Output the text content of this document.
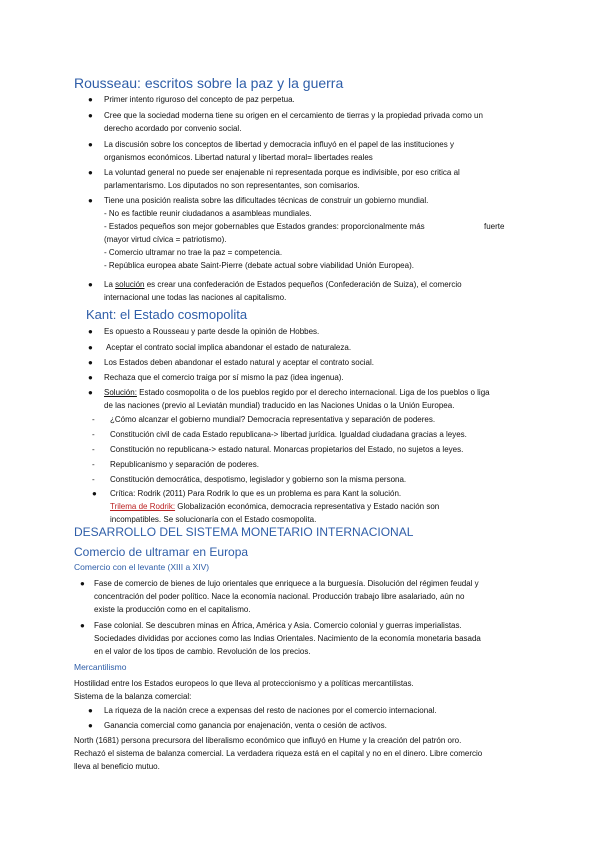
Rousseau: escritos sobre la paz y la guerra
● Primer intento riguroso del concepto de paz perpetua.
● Cree que la sociedad moderna tiene su origen en el cercamiento de tierras y la propiedad privada como un
derecho acordado por convenio social.
● La discusión sobre los conceptos de libertad y democracia influyó en el papel de las instituciones y
organismos económicos. Libertad natural y libertad moral= libertades reales
● La voluntad general no puede ser enajenable ni representada porque es indivisible, por eso critica al
parlamentarismo. Los diputados no son representantes, son comisarios.
● Tiene una posición realista sobre las dificultades técnicas de construir un gobierno mundial.
- No es factible reunir ciudadanos a asambleas mundiales.
- Estados pequeños son mejor gobernables que Estados grandes: proporcionalmente más	fuerte
(mayor virtud cívica = patriotismo).
- Comercio ultramar no trae la paz = competencia.
- República europea abate Saint-Pierre (debate actual sobre viabilidad Unión Europea).
● La solución es crear una confederación de Estados pequeños (Confederación de Suiza), el comercio
internacional une todas las naciones al capitalismo.
Kant: el Estado cosmopolita
● Es opuesto a Rousseau y parte desde la opinión de Hobbes.
● Aceptar el contrato social implica abandonar el estado de naturaleza.
● Los Estados deben abandonar el estado natural y aceptar el contrato social.
● Rechaza que el comercio traiga por sí mismo la paz (idea ingenua).
● Solución: Estado cosmopolita o de los pueblos regido por el derecho internacional. Liga de los pueblos o liga
de las naciones (previo al Leviatán mundial) traducido en las Naciones Unidas o la Unión Europea.
- ¿Cómo alcanzar el gobierno mundial? Democracia representativa y separación de poderes.
- Constitución civil de cada Estado republicana-> libertad jurídica. Igualdad ciudadana gracias a leyes.
- Constitución no republicana-> estado natural. Monarcas propietarios del Estado, no sujetos a leyes.
- Republicanismo y separación de poderes.
- Constitución democrática, despotismo, legislador y gobierno son la misma persona.
● Crítica: Rodrik (2011) Para Rodrik lo que es un problema es para Kant la solución.
Trilema de Rodrik: Globalización económica, democracia representativa y Estado nación son
incompatibles. Se solucionaría con el Estado cosmopolita.
DESARROLLO DEL SISTEMA MONETARIO INTERNACIONAL
Comercio de ultramar en Europa
Comercio con el levante (XIII a XIV)
● Fase de comercio de bienes de lujo orientales que enriquece a la burguesía. Disolución del régimen feudal y
concentración del poder político. Nace la economía nacional. Producción trabajo libre asalariado, aún no
existe la producción como en el capitalismo.
● Fase colonial. Se descubren minas en África, América y Asia. Comercio colonial y guerras imperialistas.
Sociedades divididas por acciones como las Indias Orientales. Nacimiento de la economía monetaria basada
en el valor de los tipos de cambio. Revolución de los precios.
Mercantilismo
Hostilidad entre los Estados europeos lo que lleva al proteccionismo y a políticas mercantilistas.
Sistema de la balanza comercial:
● La riqueza de la nación crece a expensas del resto de naciones por el comercio internacional.
● Ganancia comercial como ganancia por enajenación, venta o cesión de activos.
North (1681) persona precursora del liberalismo económico que influyó en Hume y la creación del patrón oro.
Rechazó el sistema de balanza comercial. La verdadera riqueza está en el capital y no en el dinero. Libre comercio
lleva al beneficio mutuo.
